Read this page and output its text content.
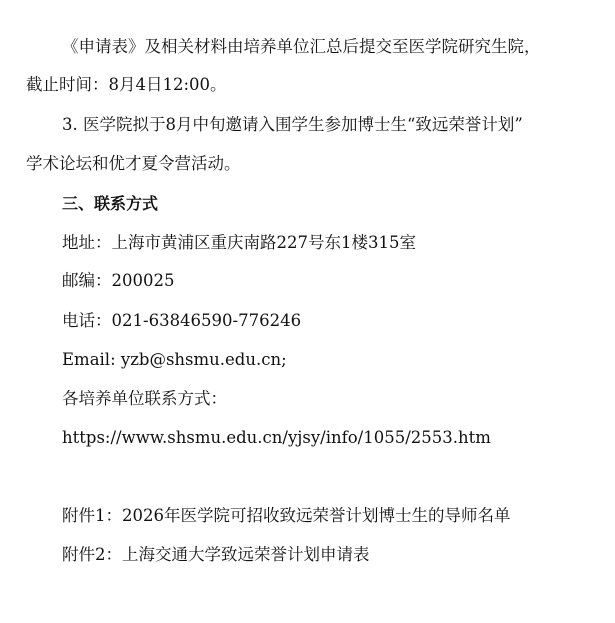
《申请表》及相关材料由培养单位汇总后提交至医学院研究生院，
截止时间：8月4日12:00。
3. 医学院拟于8月中旬邀请入围学生参加博士生“致远荣誉计划”
学术论坛和优才夏令营活动。
三、联系方式
地址：上海市黄浦区重庆南路227号东1楼315室
邮编：200025
电话：021-63846590-776246
Email: yzb@shsmu.edu.cn;
各培养单位联系方式：
https://www.shsmu.edu.cn/yjsy/info/1055/2553.htm
附件1：2026年医学院可招收致远荣誉计划博士生的导师名单
附件2：上海交通大学致远荣誉计划申请表
